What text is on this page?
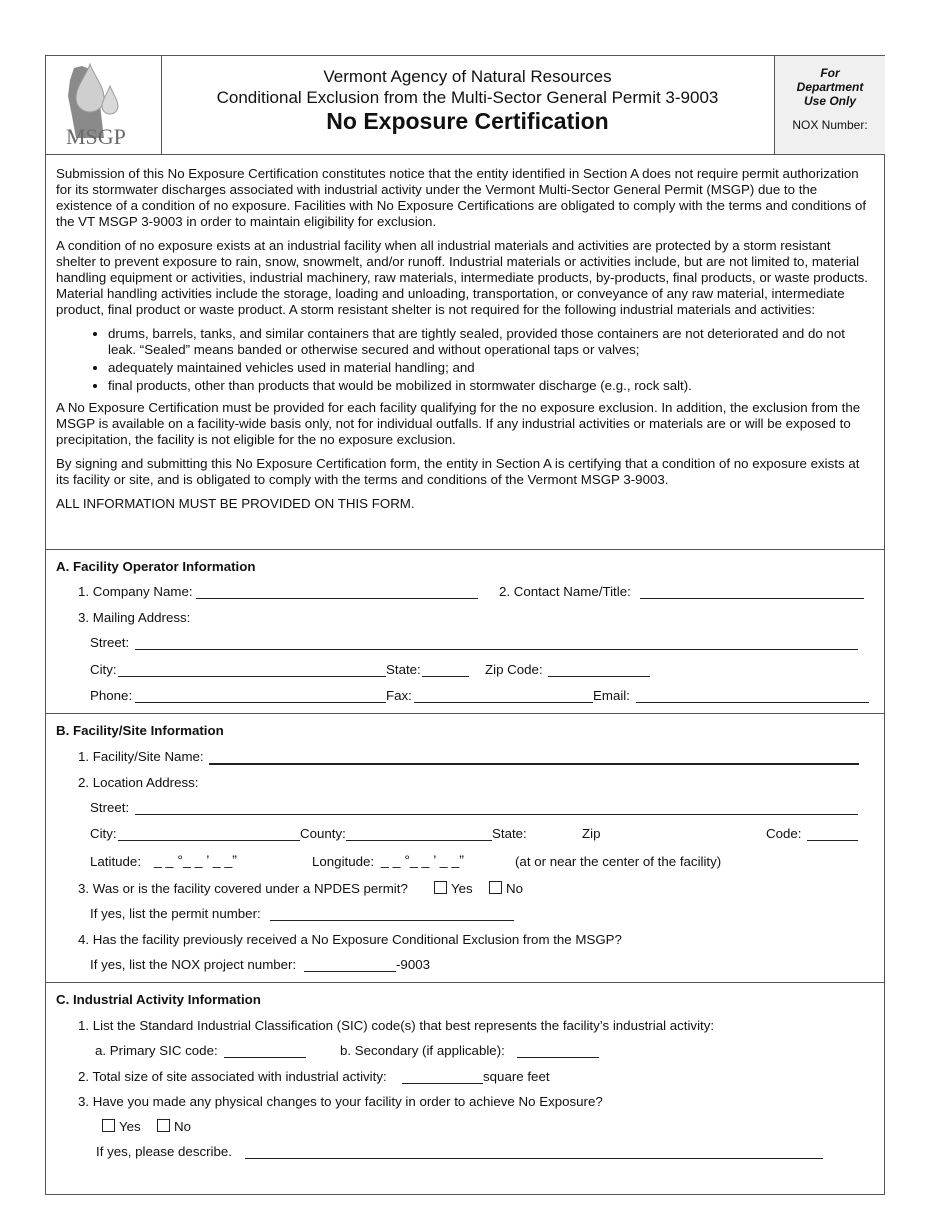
MSGP
Vermont Agency of Natural Resources
Conditional Exclusion from the Multi-Sector General Permit 3-9003
No Exposure Certification
For
Department
Use Only
NOX Number:

Submission of this No Exposure Certification constitutes notice that the entity identified in Section A does not require permit authorization for its stormwater discharges associated with industrial activity under the Vermont Multi-Sector General Permit (MSGP) due to the existence of a condition of no exposure. Facilities with No Exposure Certifications are obligated to comply with the terms and conditions of the VT MSGP 3-9003 in order to maintain eligibility for exclusion.

A condition of no exposure exists at an industrial facility when all industrial materials and activities are protected by a storm resistant shelter to prevent exposure to rain, snow, snowmelt, and/or runoff. Industrial materials or activities include, but are not limited to, material handling equipment or activities, industrial machinery, raw materials, intermediate products, by-products, final products, or waste products. Material handling activities include the storage, loading and unloading, transportation, or conveyance of any raw material, intermediate product, final product or waste product. A storm resistant shelter is not required for the following industrial materials and activities:

• drums, barrels, tanks, and similar containers that are tightly sealed, provided those containers are not deteriorated and do not leak. “Sealed” means banded or otherwise secured and without operational taps or valves;
• adequately maintained vehicles used in material handling; and
• final products, other than products that would be mobilized in stormwater discharge (e.g., rock salt).

A No Exposure Certification must be provided for each facility qualifying for the no exposure exclusion. In addition, the exclusion from the MSGP is available on a facility-wide basis only, not for individual outfalls. If any industrial activities or materials are or will be exposed to precipitation, the facility is not eligible for the no exposure exclusion.

By signing and submitting this No Exposure Certification form, the entity in Section A is certifying that a condition of no exposure exists at its facility or site, and is obligated to comply with the terms and conditions of the Vermont MSGP 3-9003.

ALL INFORMATION MUST BE PROVIDED ON THIS FORM.

A. Facility Operator Information
1. Company Name:	2. Contact Name/Title:
3. Mailing Address:
Street:
City:	State:	Zip Code:
Phone:	Fax:	Email:
B. Facility/Site Information
1. Facility/Site Name:
2. Location Address:
Street:
City:	County:	State:	Zip	Code:
Latitude: _ _ °_ _ ’ _ _”	Longitude: _ _ °_ _ ’ _ _”	(at or near the center of the facility)
3. Was or is the facility covered under a NPDES permit?	Yes	No
If yes, list the permit number:
4. Has the facility previously received a No Exposure Conditional Exclusion from the MSGP?
If yes, list the NOX project number:	-9003
C. Industrial Activity Information
1. List the Standard Industrial Classification (SIC) code(s) that best represents the facility’s industrial activity:
a. Primary SIC code:	b. Secondary (if applicable):
2. Total size of site associated with industrial activity:	square feet
3. Have you made any physical changes to your facility in order to achieve No Exposure?
Yes	No
If yes, please describe.
